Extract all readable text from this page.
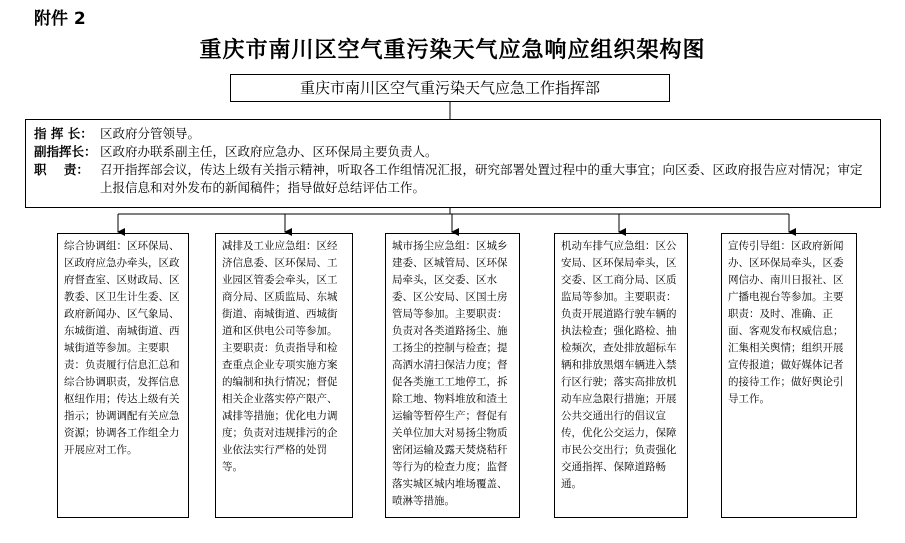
附件 2
重庆市南川区空气重污染天气应急响应组织架构图
重庆市南川区空气重污染天气应急工作指挥部
指 挥 长： 区政府分管领导。
副指挥长： 区政府办联系副主任，区政府应急办、区环保局主要负责人。
职    责： 召开指挥部会议，传达上级有关指示精神，听取各工作组情况汇报，研究部署处置过程中的重大事宜；向区委、区政府报告应对情况；审定上报信息和对外发布的新闻稿件；指导做好总结评估工作。
综合协调组：区环保局、区政府应急办牵头，区政府督查室、区财政局、区教委、区卫生计生委、区政府新闻办、区气象局、东城街道、南城街道、西城街道等参加。主要职责：负责履行信息汇总和综合协调职责，发挥信息枢纽作用；传达上级有关指示；协调调配有关应急资源；协调各工作组全力开展应对工作。
减排及工业应急组：区经济信息委、区环保局、工业园区管委会牵头，区工商分局、区质监局、东城街道、南城街道、西城街道和区供电公司等参加。主要职责：负责指导和检查重点企业专项实施方案的编制和执行情况；督促相关企业落实停产限产、减排等措施；优化电力调度；负责对违规排污的企业依法实行严格的处罚等。
城市扬尘应急组：区城乡建委、区城管局、区环保局牵头，区交委、区水委、区公安局、区国土房管局等参加。主要职责：负责对各类道路扬尘、施工扬尘的控制与检查；提高洒水清扫保洁力度；督促各类施工工地停工，拆除工地、物料堆放和渣土运输等暂停生产；督促有关单位加大对易扬尘物质密闭运输及露天焚烧秸秆等行为的检查力度；监督落实城区城内堆场覆盖、喷淋等措施。
机动车排气应急组：区公安局、区环保局牵头，区交委、区工商分局、区质监局等参加。主要职责：负责开展道路行驶车辆的执法检查；强化路检、抽检频次，查处排放超标车辆和排放黑烟车辆进入禁行区行驶；落实高排放机动车应急限行措施；开展公共交通出行的倡议宣传，优化公交运力，保障市民公交出行；负责强化交通指挥、保障道路畅通。
宣传引导组：区政府新闻办、区环保局牵头，区委网信办、南川日报社、区广播电视台等参加。主要职责：及时、准确、正面、客观发布权威信息；汇集相关舆情；组织开展宣传报道；做好媒体记者的接待工作；做好舆论引导工作。
